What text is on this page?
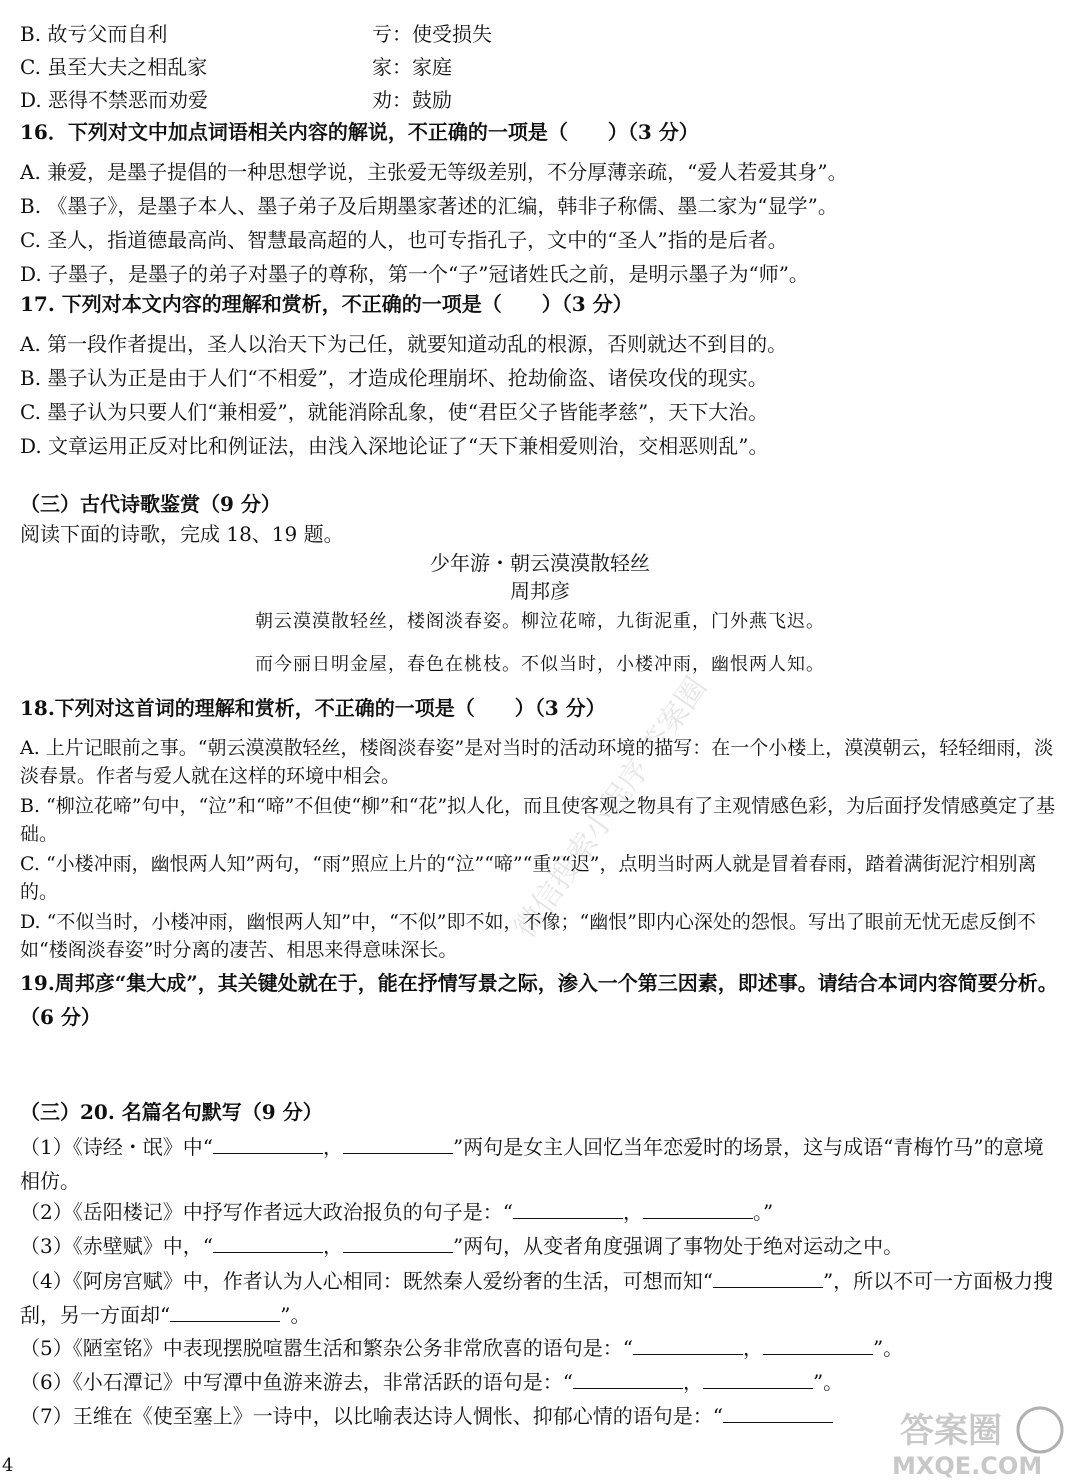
B. 故亏父而自利	亏：使受损失
C. 虽至大夫之相乱家	家：家庭
D. 恶得不禁恶而劝爱	劝：鼓励
16．下列对文中加点词语相关内容的解说，不正确的一项是（　　）（3 分）
A. 兼爱，是墨子提倡的一种思想学说，主张爱无等级差别，不分厚薄亲疏，“爱人若爱其身”。
B. 《墨子》，是墨子本人、墨子弟子及后期墨家著述的汇编，韩非子称儒、墨二家为“显学”。
C. 圣人，指道德最高尚、智慧最高超的人，也可专指孔子，文中的“圣人”指的是后者。
D. 子墨子，是墨子的弟子对墨子的尊称，第一个“子”冠诸姓氏之前，是明示墨子为“师”。
17. 下列对本文内容的理解和赏析，不正确的一项是（　　）（3 分）
A. 第一段作者提出，圣人以治天下为己任，就要知道动乱的根源，否则就达不到目的。
B. 墨子认为正是由于人们“不相爱”，才造成伦理崩坏、抢劫偷盗、诸侯攻伐的现实。
C. 墨子认为只要人们“兼相爱”，就能消除乱象，使“君臣父子皆能孝慈”，天下大治。
D. 文章运用正反对比和例证法，由浅入深地论证了“天下兼相爱则治，交相恶则乱”。
（三）古代诗歌鉴赏（9 分）
阅读下面的诗歌，完成 18、19 题。
少年游・朝云漠漠散轻丝
周邦彦
朝云漠漠散轻丝，楼阁淡春姿。柳泣花啼，九街泥重，门外燕飞迟。
而今丽日明金屋，春色在桃枝。不似当时，小楼冲雨，幽恨两人知。
18.下列对这首词的理解和赏析，不正确的一项是（　　）（3 分）
A. 上片记眼前之事。“朝云漠漠散轻丝，楼阁淡春姿”是对当时的活动环境的描写：在一个小楼上，漠漠朝云，轻轻细雨，淡淡春景。作者与爱人就在这样的环境中相会。
B. “柳泣花啼”句中，“泣”和“啼”不但使“柳”和“花”拟人化，而且使客观之物具有了主观情感色彩，为后面抒发情感奠定了基础。
C. “小楼冲雨，幽恨两人知”两句，“雨”照应上片的“泣”“啼”“重”“迟”，点明当时两人就是冒着春雨，踏着满街泥泞相别离的。
D. “不似当时，小楼冲雨，幽恨两人知”中，“不似”即不如，不像；“幽恨”即内心深处的怨恨。写出了眼前无忧无虑反倒不如“楼阁淡春姿”时分离的凄苦、相思来得意味深长。
19.周邦彦“集大成”，其关键处就在于，能在抒情写景之际，渗入一个第三因素，即述事。请结合本词内容简要分析。（6 分）
（三）20. 名篇名句默写（9 分）
（1）《诗经・氓》中“	，	”两句是女主人回忆当年恋爱时的场景，这与成语“青梅竹马”的意境相仿。
（2）《岳阳楼记》中抒写作者远大政治报负的句子是：“	，	。”
（3）《赤壁赋》中，“	，	”两句，从变者角度强调了事物处于绝对运动之中。
（4）《阿房宫赋》中，作者认为人心相同：既然秦人爱纷奢的生活，可想而知“	”，所以不可一方面极力搜刮，另一方面却“	”。
（5）《陋室铭》中表现摆脱喧嚣生活和繁杂公务非常欣喜的语句是：“	，	”。
（6）《小石潭记》中写潭中鱼游来游去，非常活跃的语句是：“	，	”。
（7）王维在《使至塞上》一诗中，以比喻表达诗人惆怅、抑郁心情的语句是：“
4
微信搜索小程序 答案圈
答案圈
MXQE.COM
